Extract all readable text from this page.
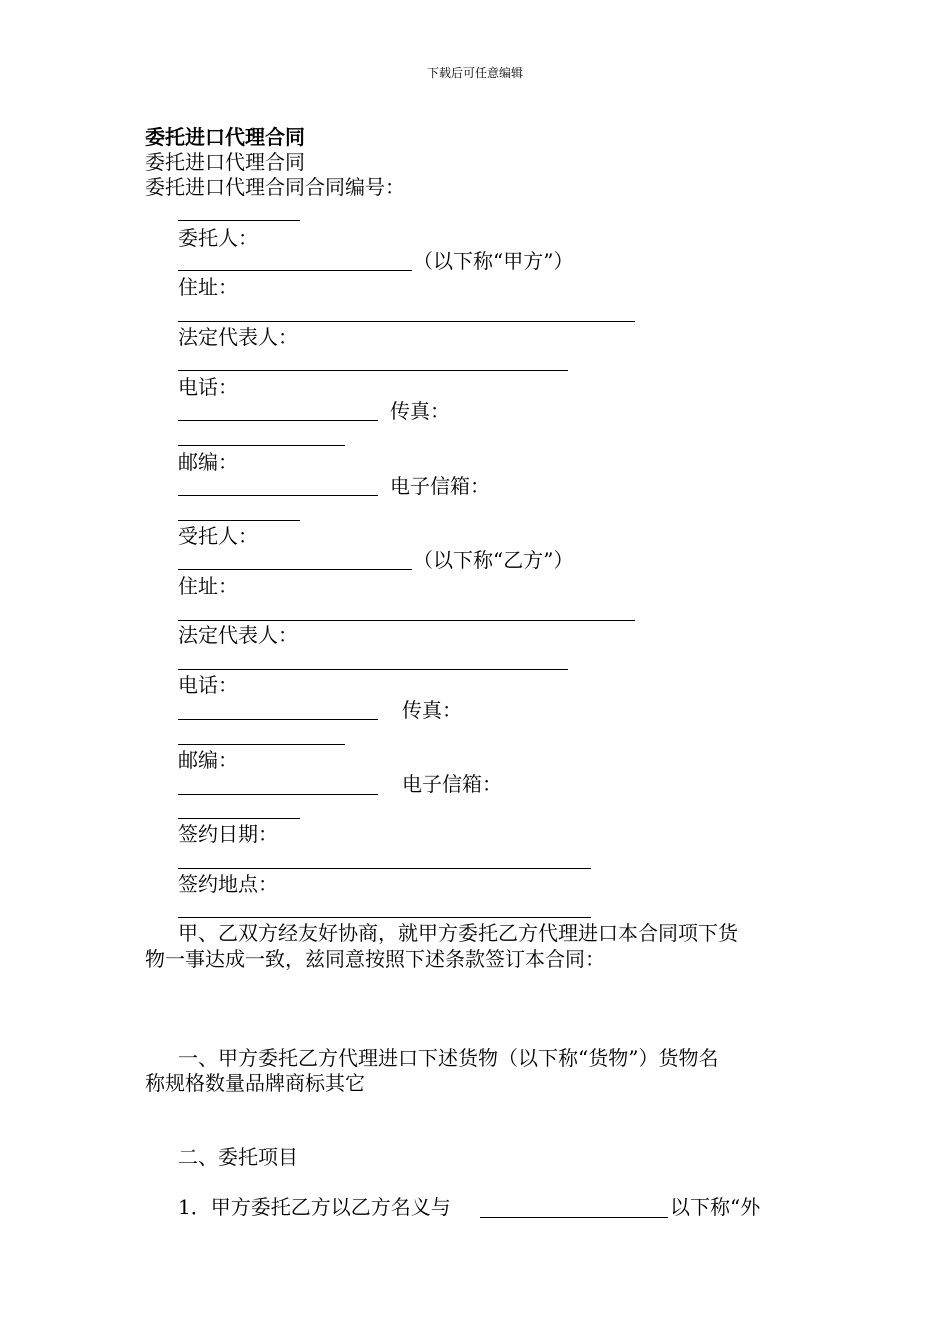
下载后可任意编辑
委托进口代理合同
委托进口代理合同
委托进口代理合同合同编号：
委托人：
（以下称“甲方”）
住址：
法定代表人：
电话：
传真：
邮编：
电子信箱：
受托人：
（以下称“乙方”）
住址：
法定代表人：
电话：
传真：
邮编：
电子信箱：
签约日期：
签约地点：
甲、乙双方经友好协商，就甲方委托乙方代理进口本合同项下货
物一事达成一致，兹同意按照下述条款签订本合同：
一、甲方委托乙方代理进口下述货物（以下称“货物”）货物名
称规格数量品牌商标其它
二、委托项目
1．甲方委托乙方以乙方名义与	以下称“外
